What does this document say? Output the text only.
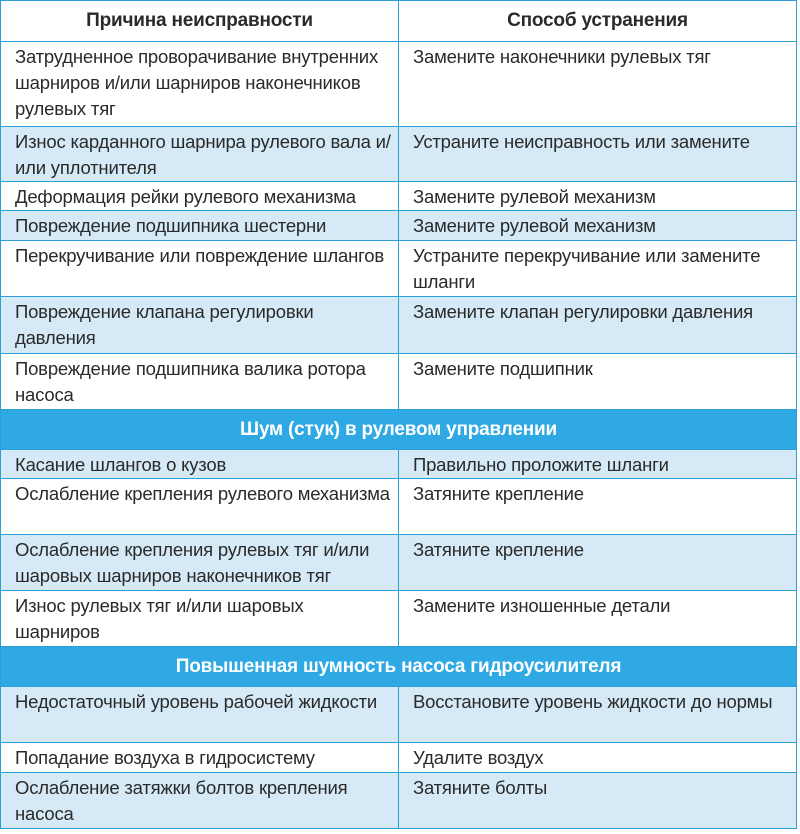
Причина неисправности	Способ устранения

Затрудненное проворачивание внутренних шарниров и/или шарниров наконечников рулевых тяг	Замените наконечники рулевых тяг

Износ карданного шарнира рулевого вала и/или уплотнителя	Устраните неисправность или замените

Деформация рейки рулевого механизма	Замените рулевой механизм

Повреждение подшипника шестерни	Замените рулевой механизм

Перекручивание или повреждение шлангов	Устраните перекручивание или замените шланги

Повреждение клапана регулировки давления	Замените клапан регулировки давления

Повреждение подшипника валика ротора насоса	Замените подшипник

Шум (стук) в рулевом управлении	

Касание шлангов о кузов	Правильно проложите шланги

Ослабление крепления рулевого механизма	Затяните крепление

Ослабление крепления рулевых тяг и/или шаровых шарниров наконечников тяг	Затяните крепление

Износ рулевых тяг и/или шаровых шарниров	Замените изношенные детали

Повышенная шумность насоса гидроусилителя	

Недостаточный уровень рабочей жидкости	Восстановите уровень жидкости до нормы

Попадание воздуха в гидросистему	Удалите воздух

Ослабление затяжки болтов крепления насоса	Затяните болты
